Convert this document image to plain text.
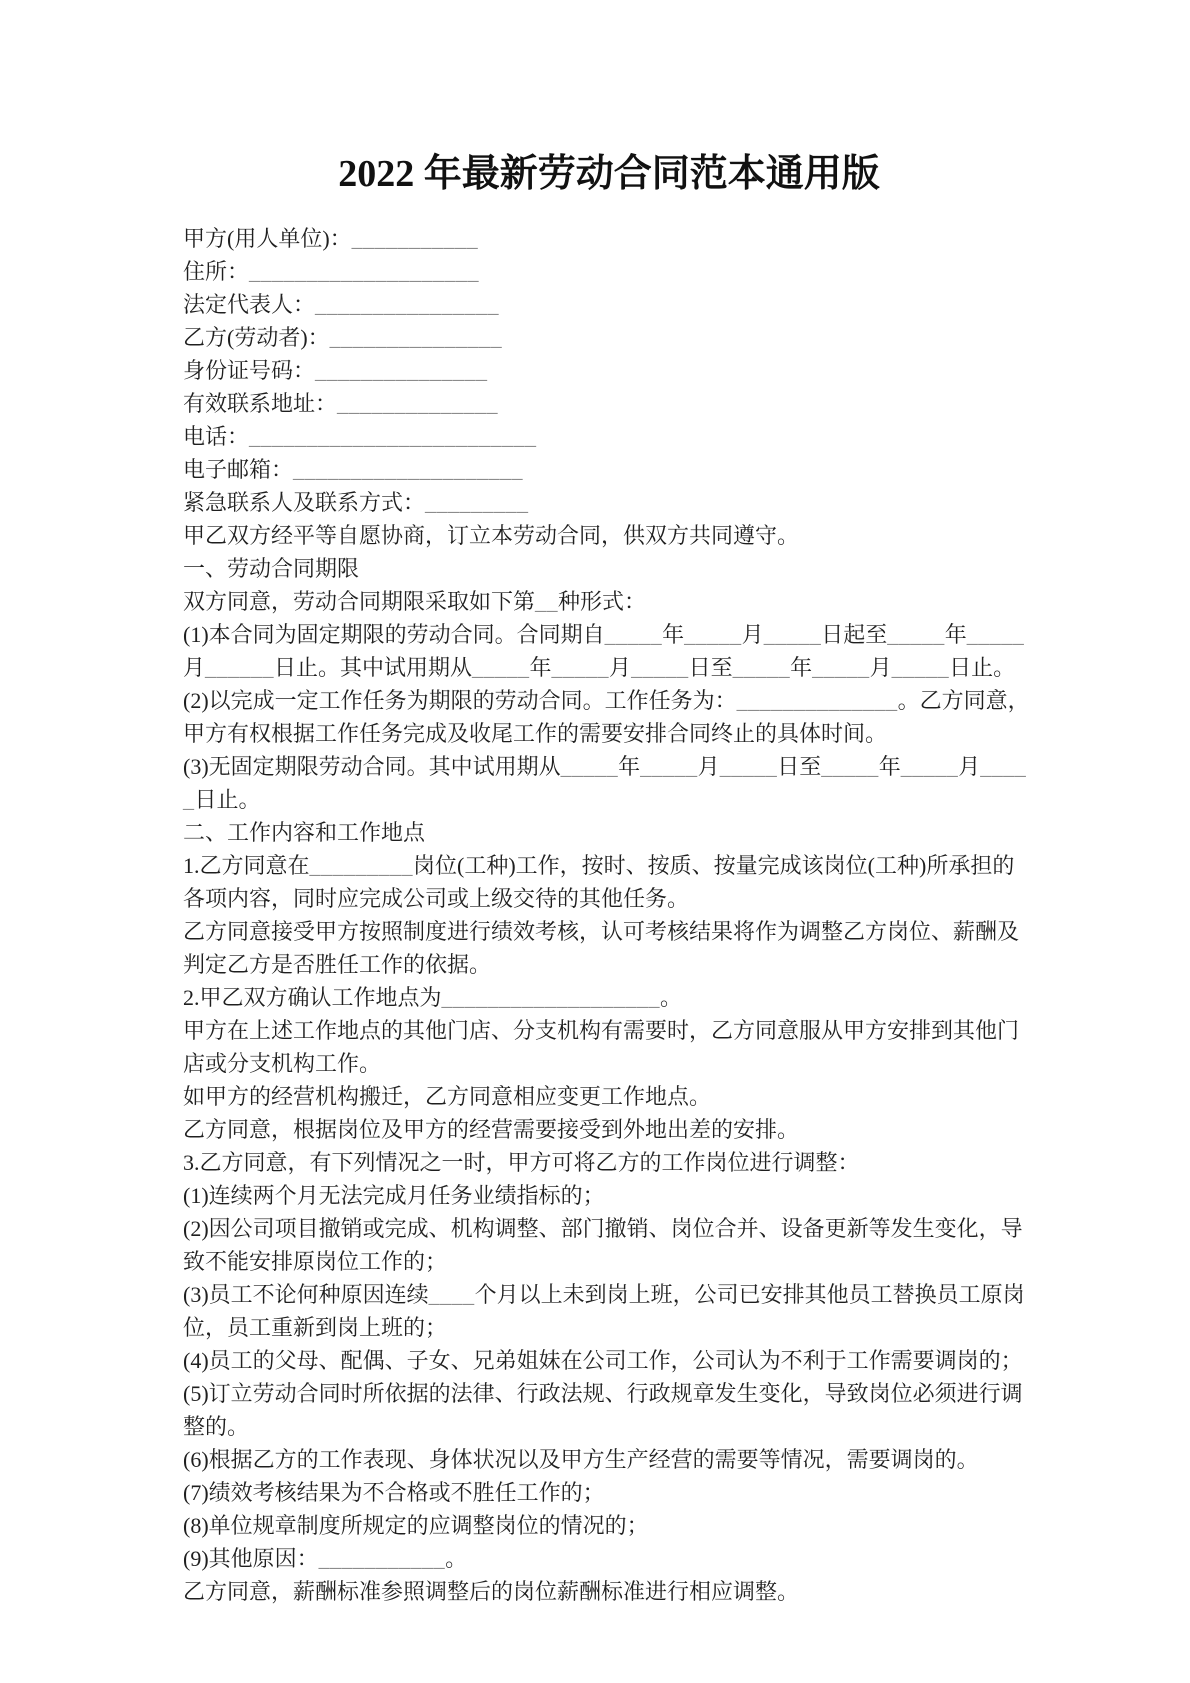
2022 年最新劳动合同范本通用版

甲方(用人单位)：___________

住所：____________________

法定代表人：________________

乙方(劳动者)：_______________

身份证号码：_______________

有效联系地址：______________

电话：_________________________

电子邮箱：____________________

紧急联系人及联系方式：_________

甲乙双方经平等自愿协商，订立本劳动合同，供双方共同遵守。

一、劳动合同期限

双方同意，劳动合同期限采取如下第__种形式：

(1)本合同为固定期限的劳动合同。合同期自_____年_____月_____日起至_____年_____月______日止。其中试用期从_____年_____月_____日至_____年_____月_____日止。

(2)以完成一定工作任务为期限的劳动合同。工作任务为：______________。乙方同意，甲方有权根据工作任务完成及收尾工作的需要安排合同终止的具体时间。

(3)无固定期限劳动合同。其中试用期从_____年_____月_____日至_____年_____月_____日止。

二、工作内容和工作地点

1.乙方同意在_________岗位(工种)工作，按时、按质、按量完成该岗位(工种)所承担的各项内容，同时应完成公司或上级交待的其他任务。

乙方同意接受甲方按照制度进行绩效考核，认可考核结果将作为调整乙方岗位、薪酬及判定乙方是否胜任工作的依据。

2.甲乙双方确认工作地点为___________________。

甲方在上述工作地点的其他门店、分支机构有需要时，乙方同意服从甲方安排到其他门店或分支机构工作。

如甲方的经营机构搬迁，乙方同意相应变更工作地点。

乙方同意，根据岗位及甲方的经营需要接受到外地出差的安排。

3.乙方同意，有下列情况之一时，甲方可将乙方的工作岗位进行调整：

(1)连续两个月无法完成月任务业绩指标的；

(2)因公司项目撤销或完成、机构调整、部门撤销、岗位合并、设备更新等发生变化，导致不能安排原岗位工作的；

(3)员工不论何种原因连续____个月以上未到岗上班，公司已安排其他员工替换员工原岗位，员工重新到岗上班的；

(4)员工的父母、配偶、子女、兄弟姐妹在公司工作，公司认为不利于工作需要调岗的；

(5)订立劳动合同时所依据的法律、行政法规、行政规章发生变化，导致岗位必须进行调整的。

(6)根据乙方的工作表现、身体状况以及甲方生产经营的需要等情况，需要调岗的。

(7)绩效考核结果为不合格或不胜任工作的；

(8)单位规章制度所规定的应调整岗位的情况的；

(9)其他原因：___________。

乙方同意，薪酬标准参照调整后的岗位薪酬标准进行相应调整。
